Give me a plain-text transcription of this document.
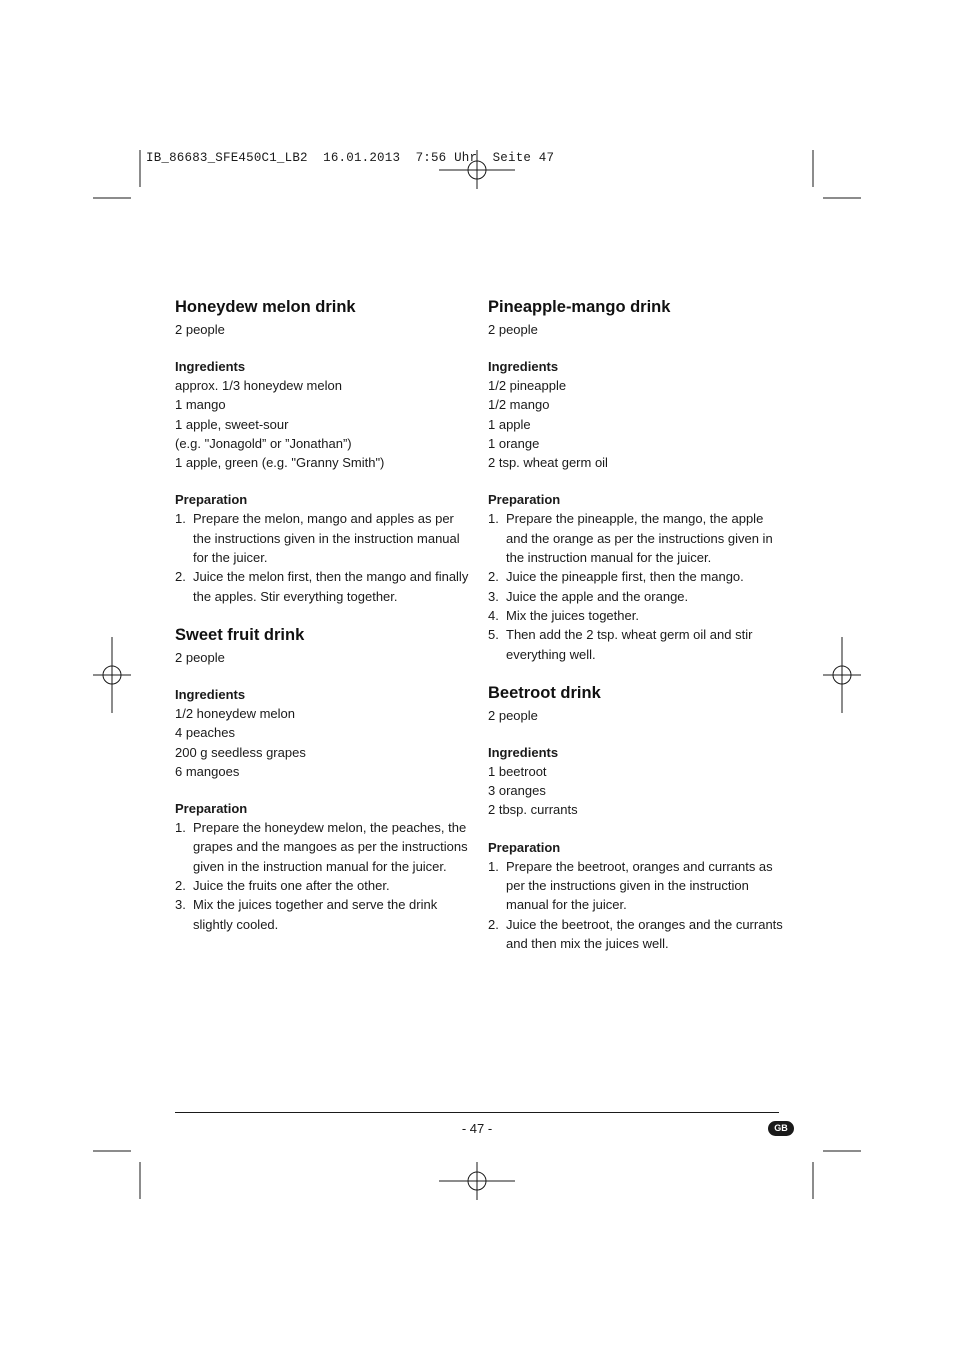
IB_86683_SFE450C1_LB2 16.01.2013 7:56 Uhr Seite 47
Honeydew melon drink

2 people

Ingredients

approx. 1/3 honeydew melon
1 mango
1 apple, sweet-sour
(e.g. "Jonagold” or ”Jonathan”)
1 apple, green (e.g. "Granny Smith")

Preparation

1. Prepare the melon, mango and apples as per the instructions given in the instruction manual for the juicer.
2. Juice the melon first, then the mango and finally the apples. Stir everything together.
Sweet fruit drink

2 people

Ingredients

1/2 honeydew melon
4 peaches
200 g seedless grapes
6 mangoes

Preparation

1. Prepare the honeydew melon, the peaches, the grapes and the mangoes as per the instructions given in the instruction manual for the juicer.
2. Juice the fruits one after the other.
3. Mix the juices together and serve the drink slightly cooled.
Pineapple-mango drink

2 people

Ingredients

1/2 pineapple
1/2 mango
1 apple
1 orange
2 tsp. wheat germ oil

Preparation

1. Prepare the pineapple, the mango, the apple and the orange as per the instructions given in the instruction manual for the juicer.
2. Juice the pineapple first, then the mango.
3. Juice the apple and the orange.
4. Mix the juices together.
5. Then add the 2 tsp. wheat germ oil and stir everything well.
Beetroot drink

2 people

Ingredients

1 beetroot
3 oranges
2 tbsp. currants

Preparation

1. Prepare the beetroot, oranges and currants as per the instructions given in the instruction manual for the juicer.
2. Juice the beetroot, the oranges and the currants and then mix the juices well.
- 47 -	GB
